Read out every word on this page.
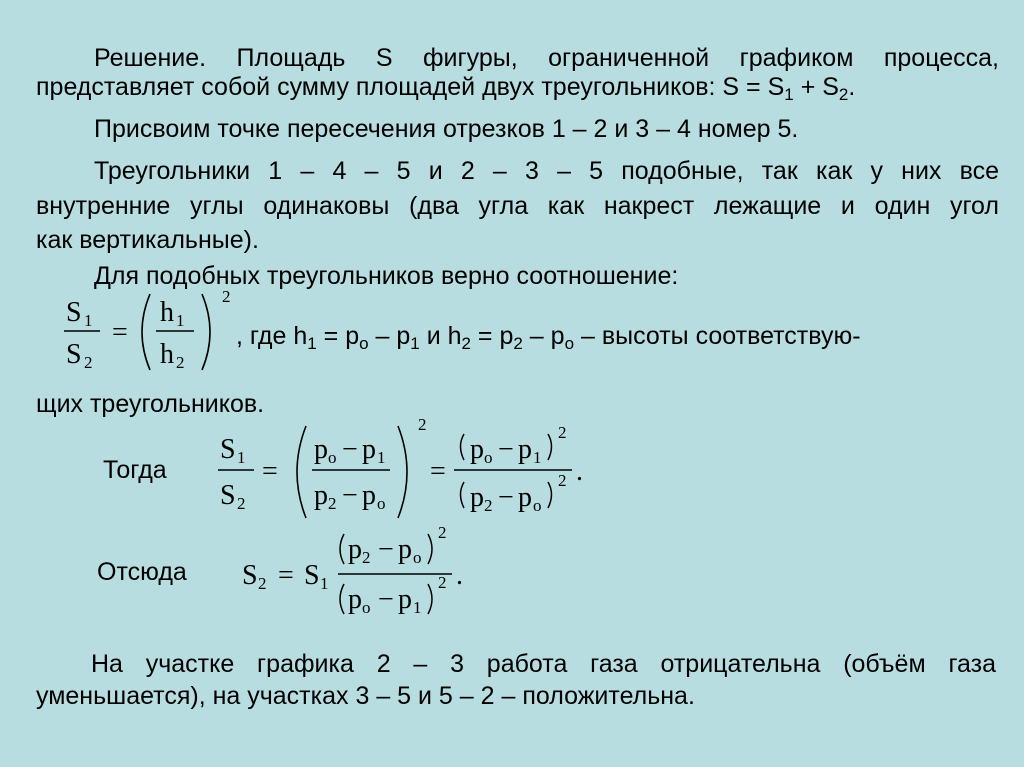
Решение. Площадь S фигуры, ограниченной графиком процесса,
представляет собой сумму площадей двух треугольников: $S = S_1 + S_2$.
Присвоим точке пересечения отрезков 1 – 2 и 3 – 4 номер 5.
Треугольники 1 – 4 – 5 и 2 – 3 – 5 подобные, так как у них все
внутренние углы одинаковы (два угла как накрест лежащие и один угол
как вертикальные).
Для подобных треугольников верно соотношение:
S 1
S 2
=
h 1
h 2
2
, где $h_1 = p_о - p_1$ и $h_2 = p_2 - p_о$ – высоты соответствую-
щих треугольников.
Тогда
S 1
S 2
=
p о − p 1
p 2 − p о
2
=
p о − p 1
2
p 2 − p о
2 .
Отсюда S 2 = S 1
p 2 − p о
2
p о − p 1
2 .
На участке графика 2 – 3 работа газа отрицательна (объём газа
уменьшается), на участках 3 – 5 и 5 – 2 – положительна.
